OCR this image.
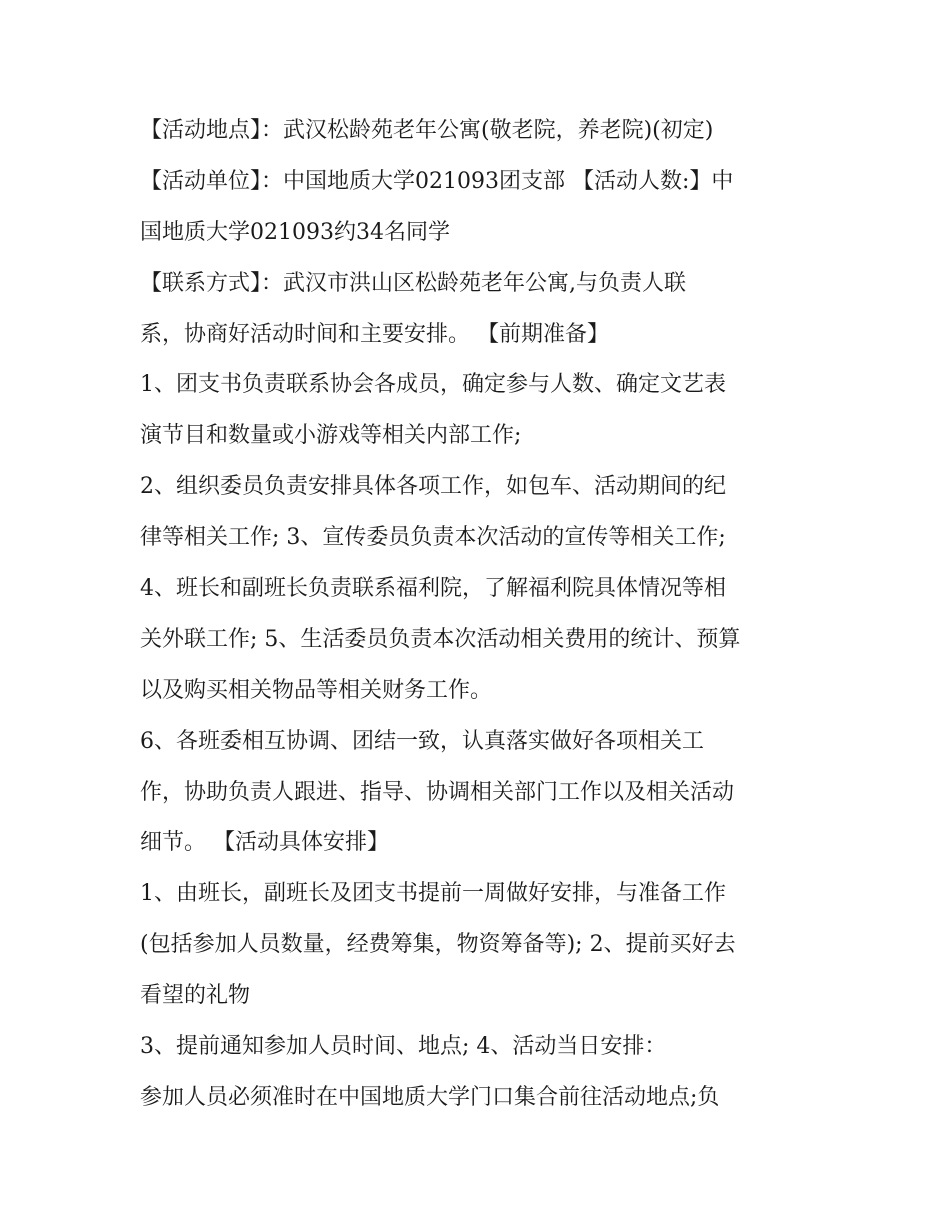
【活动地点】：武汉松龄苑老年公寓(敬老院，养老院)(初定)
【活动单位】：中国地质大学021093团支部 【活动人数:】中
国地质大学021093约34名同学
【联系方式】：武汉市洪山区松龄苑老年公寓,与负责人联
系，协商好活动时间和主要安排。 【前期准备】
1、团支书负责联系协会各成员，确定参与人数、确定文艺表
演节目和数量或小游戏等相关内部工作;
2、组织委员负责安排具体各项工作，如包车、活动期间的纪
律等相关工作; 3、宣传委员负责本次活动的宣传等相关工作;
4、班长和副班长负责联系福利院，了解福利院具体情况等相
关外联工作; 5、生活委员负责本次活动相关费用的统计、预算
以及购买相关物品等相关财务工作。
6、各班委相互协调、团结一致，认真落实做好各项相关工
作，协助负责人跟进、指导、协调相关部门工作以及相关活动
细节。 【活动具体安排】
1、由班长，副班长及团支书提前一周做好安排，与准备工作
(包括参加人员数量，经费筹集，物资筹备等); 2、提前买好去
看望的礼物
3、提前通知参加人员时间、地点; 4、活动当日安排：
参加人员必须准时在中国地质大学门口集合前往活动地点;负
